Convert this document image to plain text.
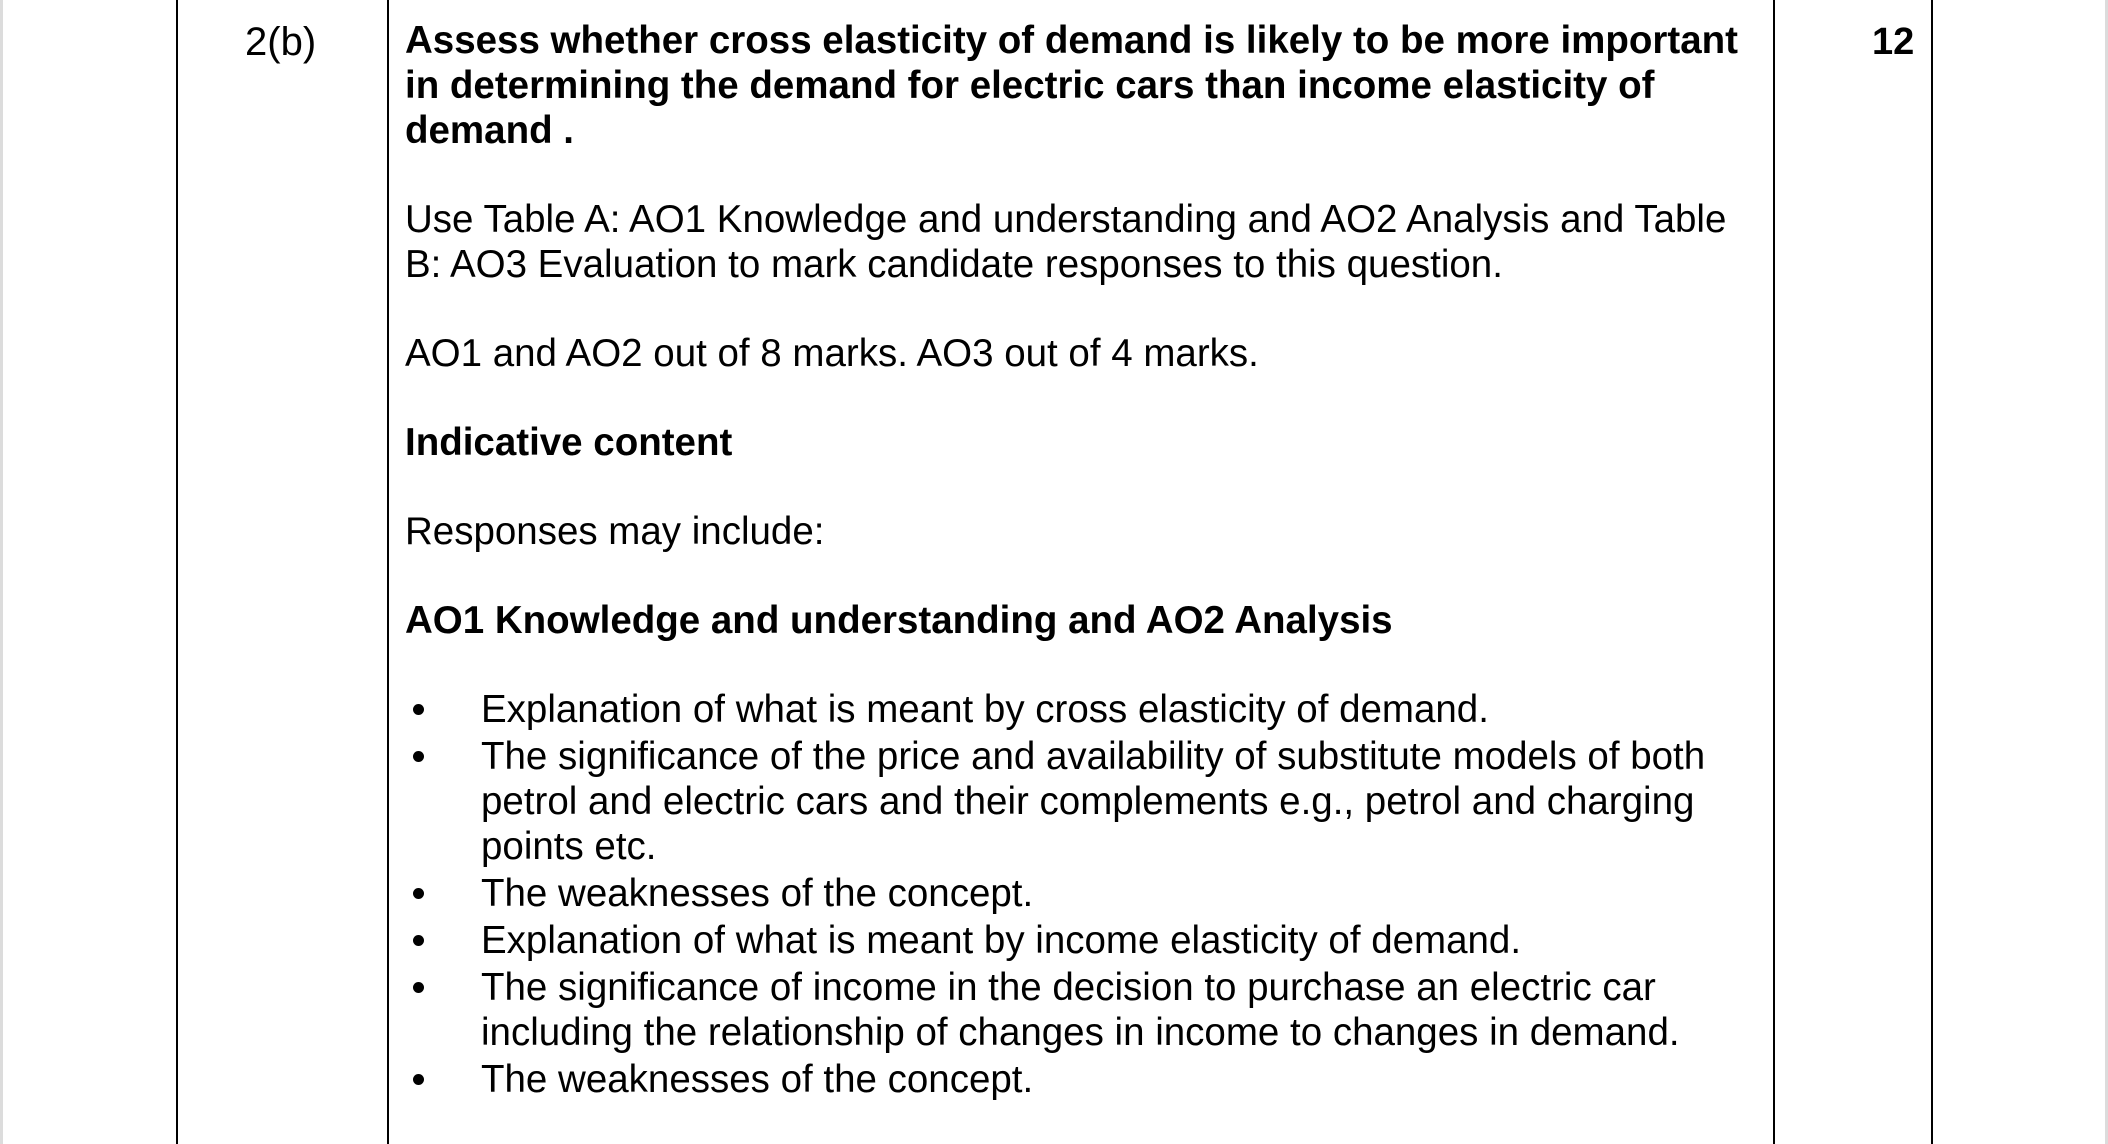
2(b)	12

Assess whether cross elasticity of demand is likely to be more important in determining the demand for electric cars than income elasticity of demand .

Use Table A: AO1 Knowledge and understanding and AO2 Analysis and Table B: AO3 Evaluation to mark candidate responses to this question.

AO1 and AO2 out of 8 marks. AO3 out of 4 marks.

Indicative content

Responses may include:

AO1 Knowledge and understanding and AO2 Analysis

Explanation of what is meant by cross elasticity of demand.
The significance of the price and availability of substitute models of both petrol and electric cars and their complements e.g., petrol and charging points etc.
The weaknesses of the concept.
Explanation of what is meant by income elasticity of demand.
The significance of income in the decision to purchase an electric car including the relationship of changes in income to changes in demand.
The weaknesses of the concept.
